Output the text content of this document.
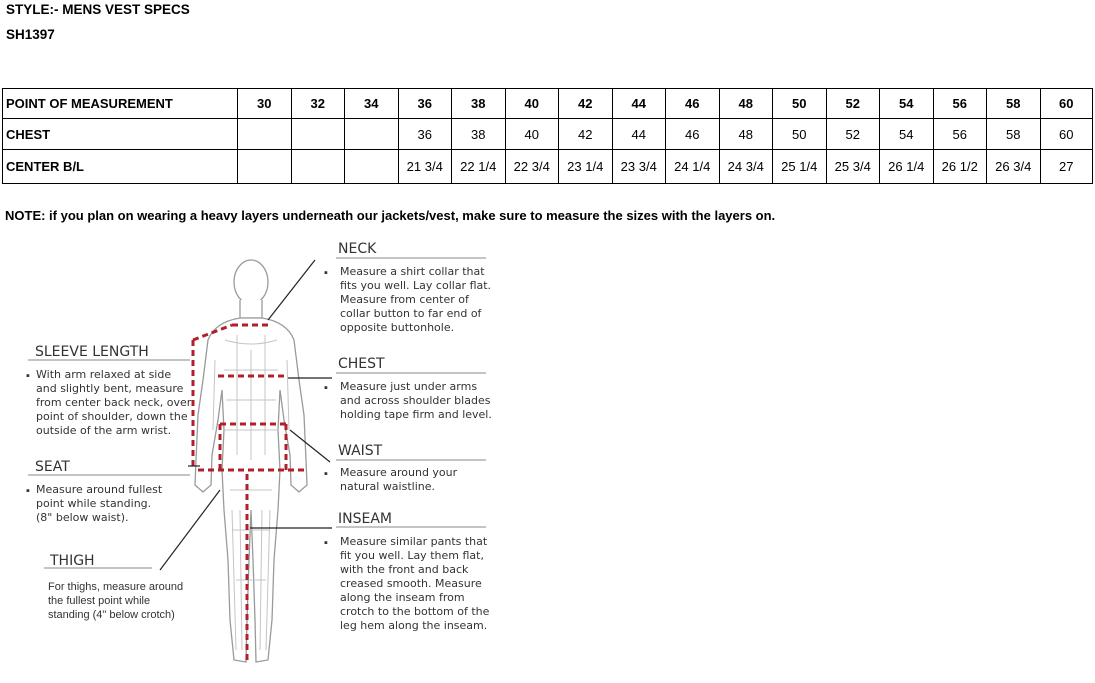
STYLE:- MENS VEST SPECS
SH1397
POINT OF MEASUREMENT	30	32	34	36	38	40	42	44	46	48	50	52	54	56	58	60
CHEST				36	38	40	42	44	46	48	50	52	54	56	58	60
CENTER B/L				21 3/4	22 1/4	22 3/4	23 1/4	23 3/4	24 1/4	24 3/4	25 1/4	25 3/4	26 1/4	26 1/2	26 3/4	27
NOTE: if you plan on wearing a heavy layers underneath our jackets/vest, make sure to measure the sizes with the layers on.
NECK
▪ Measure a shirt collar that fits you well. Lay collar flat. Measure from center of collar button to far end of opposite buttonhole.
CHEST
▪ Measure just under arms and across shoulder blades holding tape firm and level.
WAIST
▪ Measure around your natural waistline.
INSEAM
▪ Measure similar pants that fit you well. Lay them flat, with the front and back creased smooth. Measure along the inseam from crotch to the bottom of the leg hem along the inseam.
SLEEVE LENGTH
▪ With arm relaxed at side and slightly bent, measure from center back neck, over point of shoulder, down the outside of the arm wrist.
SEAT
▪ Measure around fullest point while standing. (8" below waist).
THIGH
For thighs, measure around the fullest point while standing (4" below crotch)
